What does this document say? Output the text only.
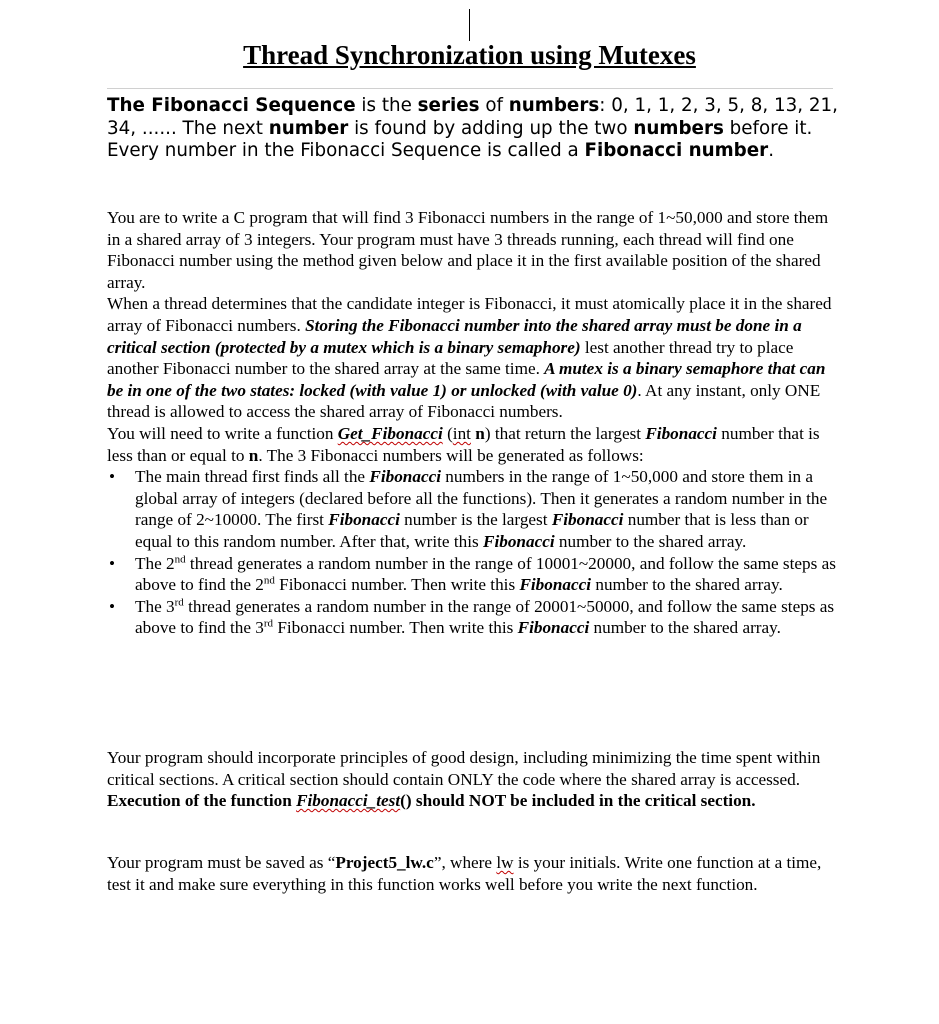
Thread Synchronization using Mutexes
The Fibonacci Sequence is the series of numbers: 0, 1, 1, 2, 3, 5, 8, 13, 21, 34, ...... The next number is found by adding up the two numbers before it. Every number in the Fibonacci Sequence is called a Fibonacci number.

You are to write a C program that will find 3 Fibonacci numbers in the range of 1~50,000 and store them in a shared array of 3 integers. Your program must have 3 threads running, each thread will find one Fibonacci number using the method given below and place it in the first available position of the shared array.

When a thread determines that the candidate integer is Fibonacci, it must atomically place it in the shared array of Fibonacci numbers. Storing the Fibonacci number into the shared array must be done in a critical section (protected by a mutex which is a binary semaphore) lest another thread try to place another Fibonacci number to the shared array at the same time. A mutex is a binary semaphore that can be in one of the two states: locked (with value 1) or unlocked (with value 0). At any instant, only ONE thread is allowed to access the shared array of Fibonacci numbers.

You will need to write a function Get_Fibonacci (int n) that return the largest Fibonacci number that is less than or equal to n. The 3 Fibonacci numbers will be generated as follows:

• The main thread first finds all the Fibonacci numbers in the range of 1~50,000 and store them in a global array of integers (declared before all the functions). Then it generates a random number in the range of 2~10000. The first Fibonacci number is the largest Fibonacci number that is less than or equal to this random number. After that, write this Fibonacci number to the shared array.
• The 2nd thread generates a random number in the range of 10001~20000, and follow the same steps as above to find the 2nd Fibonacci number. Then write this Fibonacci number to the shared array.
• The 3rd thread generates a random number in the range of 20001~50000, and follow the same steps as above to find the 3rd Fibonacci number. Then write this Fibonacci number to the shared array.
Your program should incorporate principles of good design, including minimizing the time spent within critical sections. A critical section should contain ONLY the code where the shared array is accessed. Execution of the function Fibonacci_test() should NOT be included in the critical section.
Your program must be saved as “Project5_lw.c”, where lw is your initials. Write one function at a time, test it and make sure everything in this function works well before you write the next function.
